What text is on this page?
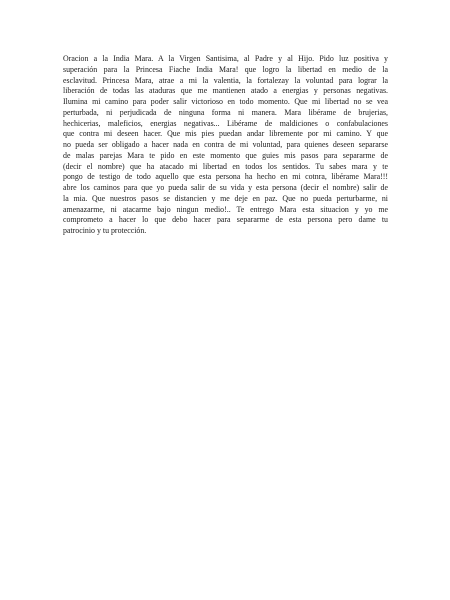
Oracion a la India Mara. A la Virgen Santisima, al Padre y al Hijo. Pido luz positiva y
superación para la Princesa Fiache India Mara! que logro la libertad en medio de la
esclavitud. Princesa Mara, atrae a mi la valentia, la fortalezay la voluntad para lograr la
liberación de todas las ataduras que me mantienen atado a energias y personas negativas.
Ilumina mi camino para poder salir victorioso en todo momento. Que mi libertad no se vea
perturbada, ni perjudicada de ninguna forma ni manera. Mara libérame de brujerias,
hechicerias, maleficios, energias negativas... Libérame de maldiciones o confabulaciones
que contra mi deseen hacer. Que mis pies puedan andar libremente por mi camino. Y que
no pueda ser obligado a hacer nada en contra de mi voluntad, para quienes deseen separarse
de malas parejas Mara te pido en este momento que guies mis pasos para separarme de
(decir el nombre) que ha atacado mi libertad en todos los sentidos. Tu sabes mara y te
pongo de testigo de todo aquello que esta persona ha hecho en mi cotnra, libérame Mara!!!
abre los caminos para que yo pueda salir de su vida y esta persona (decir el nombre) salir de
la mia. Que nuestros pasos se distancien y me deje en paz. Que no pueda perturbarme, ni
amenazarme, ni atacarme bajo ningun medio!.. Te entrego Mara esta situacion y yo me
comprometo a hacer lo que debo hacer para separarme de esta persona pero dame tu
patrocinio y tu protección.
